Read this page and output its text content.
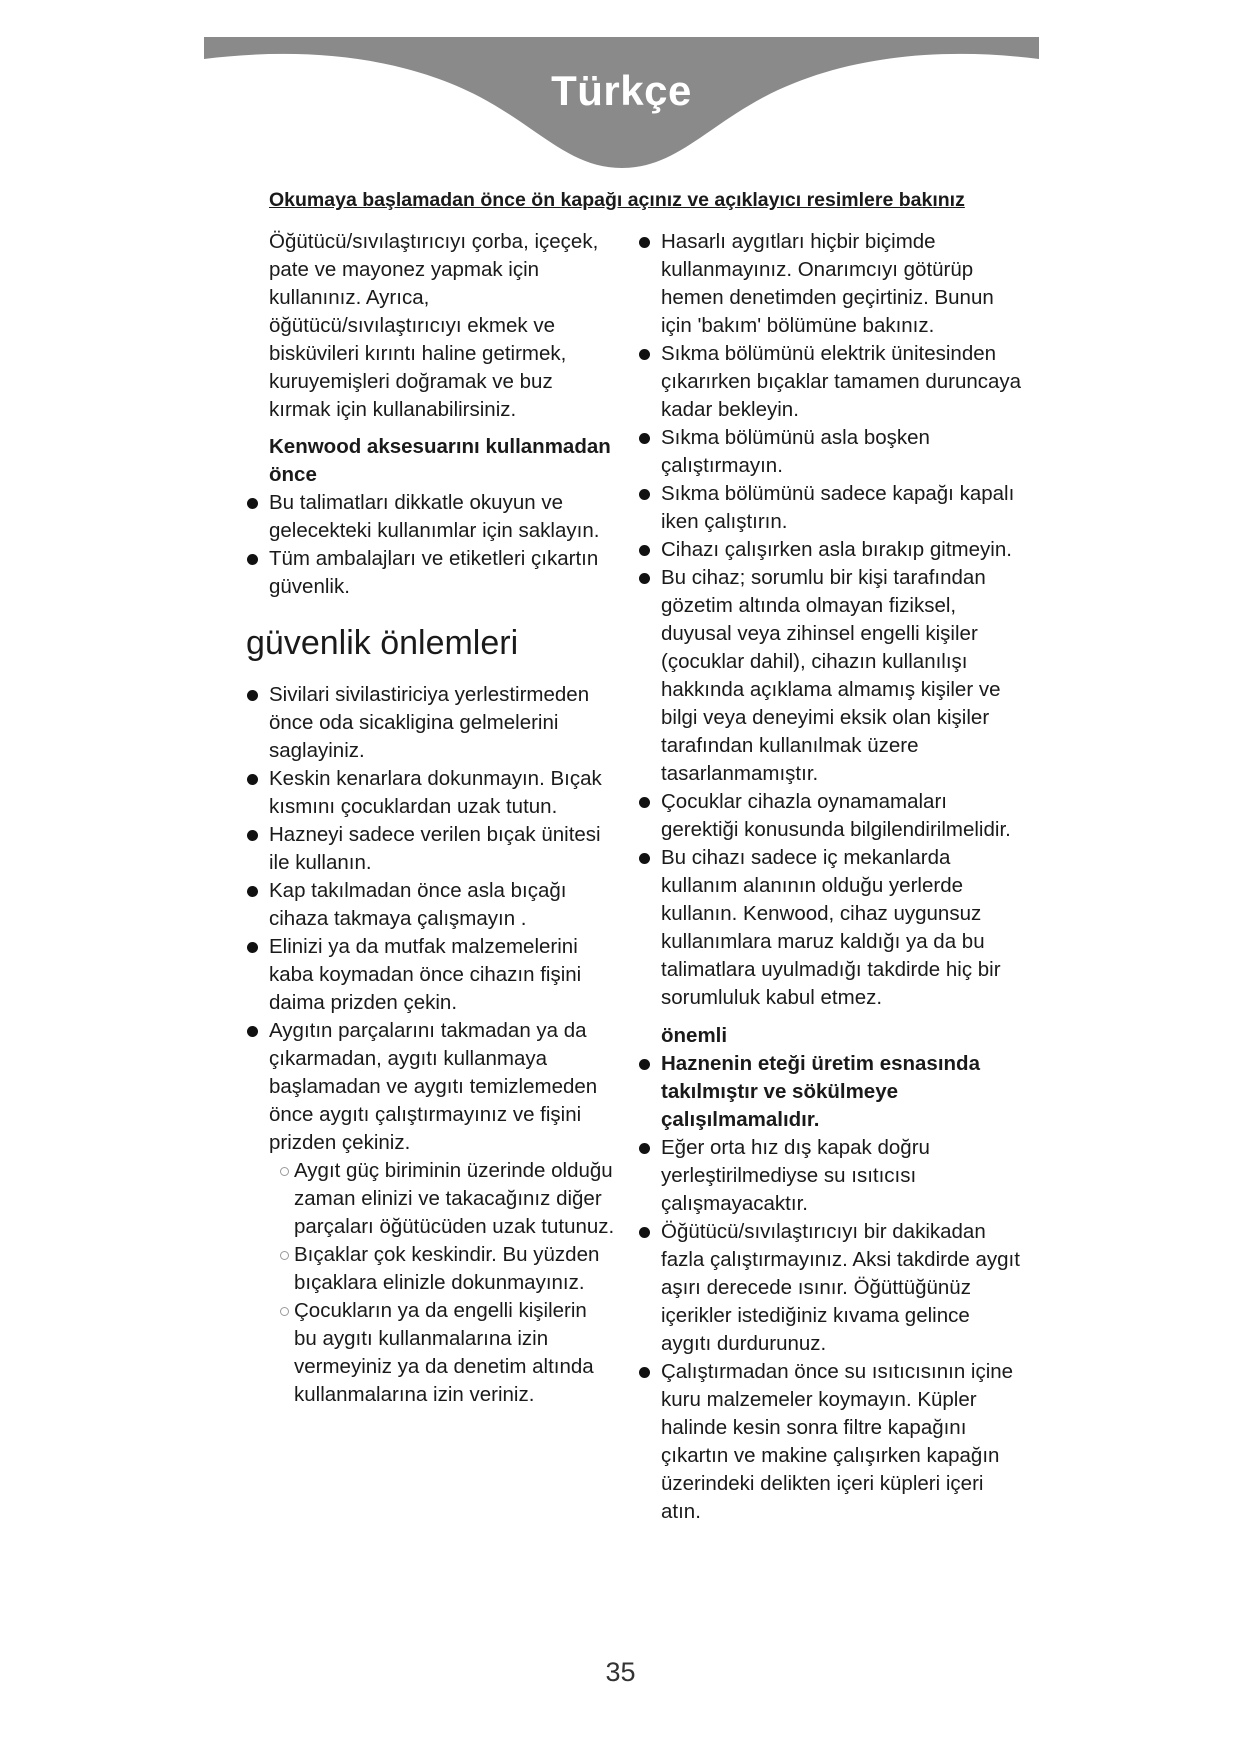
Türkçe

Okumaya başlamadan önce ön kapağı açınız ve açıklayıcı resimlere bakınız

Öğütücü/sıvılaştırıcıyı çorba, içeçek, pate ve mayonez yapmak için kullanınız. Ayrıca, öğütücü/sıvılaştırıcıyı ekmek ve bisküvileri kırıntı haline getirmek, kuruyemişleri doğramak ve buz kırmak için kullanabilirsiniz.

Kenwood aksesuarını kullanmadan önce

Bu talimatları dikkatle okuyun ve gelecekteki kullanımlar için saklayın.

Tüm ambalajları ve etiketleri çıkartın güvenlik.

güvenlik önlemleri

Sivilari sivilastiriciya yerlestirmeden önce oda sicakligina gelmelerini saglayiniz.

Keskin kenarlara dokunmayın. Bıçak kısmını çocuklardan uzak tutun.

Hazneyi sadece verilen bıçak ünitesi ile kullanın.

Kap takılmadan önce asla bıçağı cihaza takmaya çalışmayın .

Elinizi ya da mutfak malzemelerini kaba koymadan önce cihazın fişini daima prizden çekin.

Aygıtın parçalarını takmadan ya da çıkarmadan, aygıtı kullanmaya başlamadan ve aygıtı temizlemeden önce aygıtı çalıştırmayınız ve fişini prizden çekiniz.

Aygıt güç biriminin üzerinde olduğu zaman elinizi ve takacağınız diğer parçaları öğütücüden uzak tutunuz.

Bıçaklar çok keskindir. Bu yüzden bıçaklara elinizle dokunmayınız.

Çocukların ya da engelli kişilerin bu aygıtı kullanmalarına izin vermeyiniz ya da denetim altında kullanmalarına izin veriniz.

Hasarlı aygıtları hiçbir biçimde kullanmayınız. Onarımcıyı götürüp hemen denetimden geçirtiniz. Bunun için 'bakım' bölümüne bakınız.

Sıkma bölümünü elektrik ünitesinden çıkarırken bıçaklar tamamen duruncaya kadar bekleyin.

Sıkma bölümünü asla boşken çalıştırmayın.

Sıkma bölümünü sadece kapağı kapalı iken çalıştırın.

Cihazı çalışırken asla bırakıp gitmeyin.

Bu cihaz; sorumlu bir kişi tarafından gözetim altında olmayan fiziksel, duyusal veya zihinsel engelli kişiler (çocuklar dahil), cihazın kullanılışı hakkında açıklama almamış kişiler ve bilgi veya deneyimi eksik olan kişiler tarafından kullanılmak üzere tasarlanmamıştır.

Çocuklar cihazla oynamamaları gerektiği konusunda bilgilendirilmelidir.

Bu cihazı sadece iç mekanlarda kullanım alanının olduğu yerlerde kullanın. Kenwood, cihaz uygunsuz kullanımlara maruz kaldığı ya da bu talimatlara uyulmadığı takdirde hiç bir sorumluluk kabul etmez.

önemli

Haznenin eteği üretim esnasında takılmıştır ve sökülmeye çalışılmamalıdır.

Eğer orta hız dış kapak doğru yerleştirilmediyse su ısıtıcısı çalışmayacaktır.

Öğütücü/sıvılaştırıcıyı bir dakikadan fazla çalıştırmayınız. Aksi takdirde aygıt aşırı derecede ısınır. Öğüttüğünüz içerikler istediğiniz kıvama gelince aygıtı durdurunuz.

Çalıştırmadan önce su ısıtıcısının içine kuru malzemeler koymayın. Küpler halinde kesin sonra filtre kapağını çıkartın ve makine çalışırken kapağın üzerindeki delikten içeri küpleri içeri atın.

35
